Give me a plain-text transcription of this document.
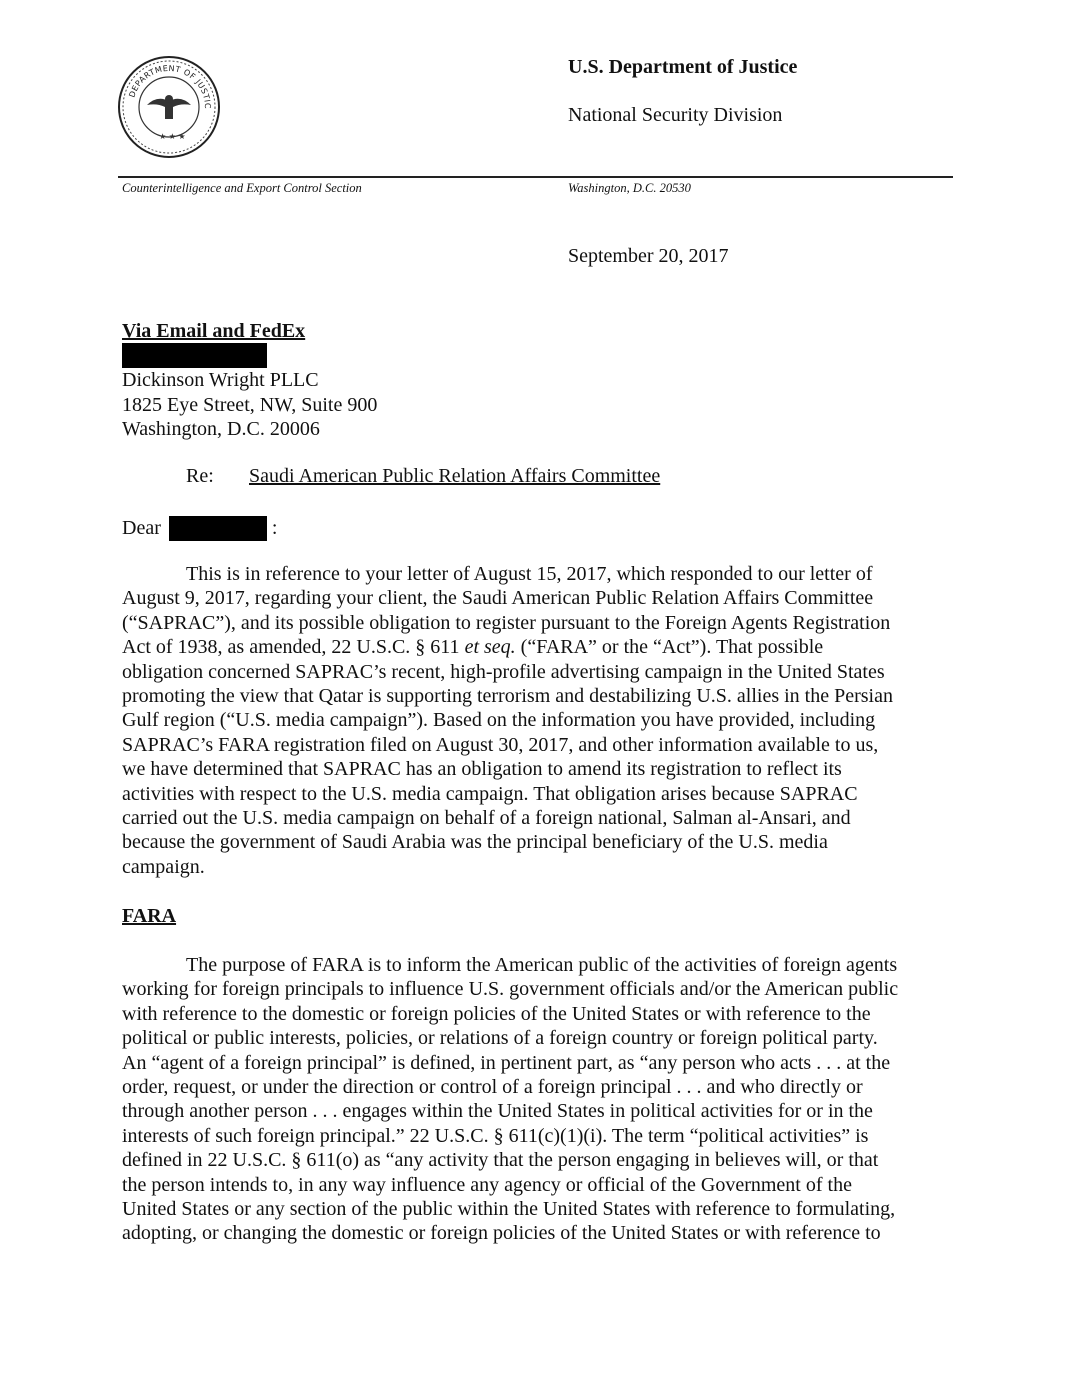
DEPARTMENT OF JUSTIC
★ ★ ★
U.S. Department of Justice
National Security Division
Counterintelligence and Export Control Section	Washington, D.C. 20530
September 20, 2017
Via Email and FedEx
Dickinson Wright PLLC
1825 Eye Street, NW, Suite 900
Washington, D.C. 20006
Re: Saudi American Public Relation Affairs Committee
Dear	:
This is in reference to your letter of August 15, 2017, which responded to our letter of
August 9, 2017, regarding your client, the Saudi American Public Relation Affairs Committee
(“SAPRAC”), and its possible obligation to register pursuant to the Foreign Agents Registration
Act of 1938, as amended, 22 U.S.C. § 611 et seq. (“FARA” or the “Act”). That possible
obligation concerned SAPRAC’s recent, high-profile advertising campaign in the United States
promoting the view that Qatar is supporting terrorism and destabilizing U.S. allies in the Persian
Gulf region (“U.S. media campaign”). Based on the information you have provided, including
SAPRAC’s FARA registration filed on August 30, 2017, and other information available to us,
we have determined that SAPRAC has an obligation to amend its registration to reflect its
activities with respect to the U.S. media campaign. That obligation arises because SAPRAC
carried out the U.S. media campaign on behalf of a foreign national, Salman al-Ansari, and
because the government of Saudi Arabia was the principal beneficiary of the U.S. media
campaign.
FARA
The purpose of FARA is to inform the American public of the activities of foreign agents
working for foreign principals to influence U.S. government officials and/or the American public
with reference to the domestic or foreign policies of the United States or with reference to the
political or public interests, policies, or relations of a foreign country or foreign political party.
An “agent of a foreign principal” is defined, in pertinent part, as “any person who acts . . . at the
order, request, or under the direction or control of a foreign principal . . . and who directly or
through another person . . . engages within the United States in political activities for or in the
interests of such foreign principal.” 22 U.S.C. § 611(c)(1)(i). The term “political activities” is
defined in 22 U.S.C. § 611(o) as “any activity that the person engaging in believes will, or that
the person intends to, in any way influence any agency or official of the Government of the
United States or any section of the public within the United States with reference to formulating,
adopting, or changing the domestic or foreign policies of the United States or with reference to
